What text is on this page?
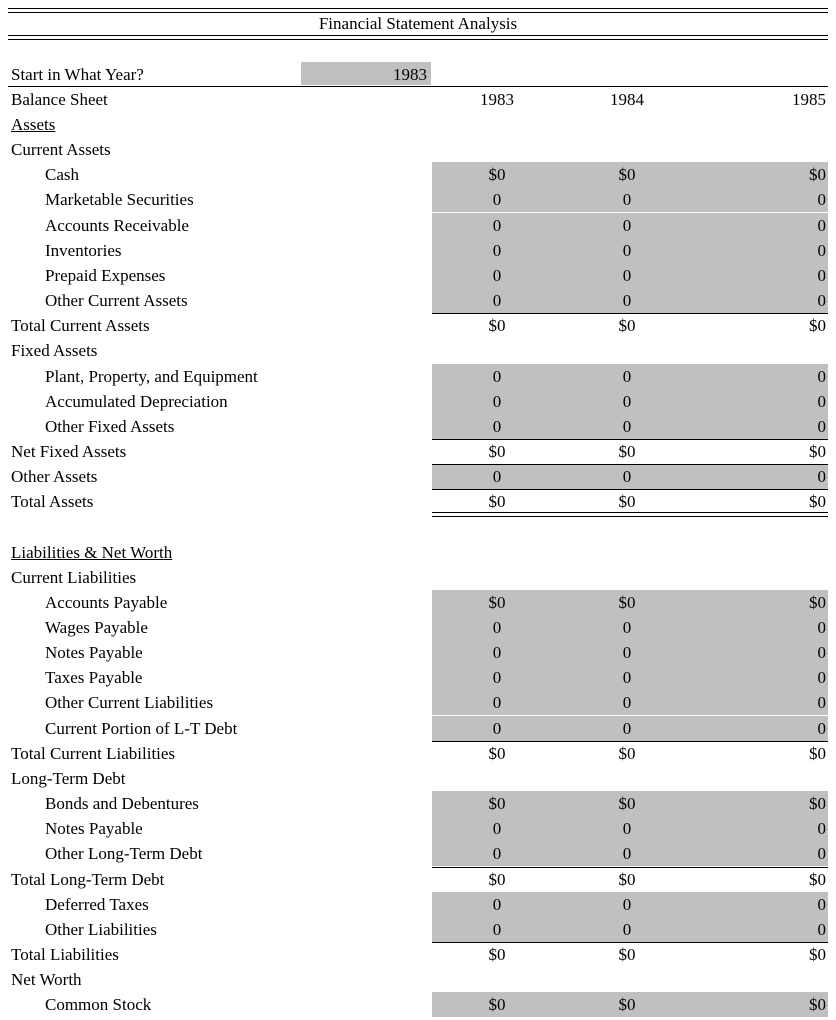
Financial Statement Analysis
Start in What Year?	1983
Balance Sheet	1983	1984	1985
Assets
Current Assets
Cash	$0	$0	$0
Marketable Securities	0	0	0
Accounts Receivable	0	0	0
Inventories	0	0	0
Prepaid Expenses	0	0	0
Other Current Assets	0	0	0
Total Current Assets	$0	$0	$0
Fixed Assets
Plant, Property, and Equipment	0	0	0
Accumulated Depreciation	0	0	0
Other Fixed Assets	0	0	0
Net Fixed Assets	$0	$0	$0
Other Assets	0	0	0
Total Assets	$0	$0	$0
Liabilities & Net Worth
Current Liabilities
Accounts Payable	$0	$0	$0
Wages Payable	0	0	0
Notes Payable	0	0	0
Taxes Payable	0	0	0
Other Current Liabilities	0	0	0
Current Portion of L-T Debt	0	0	0
Total Current Liabilities	$0	$0	$0
Long-Term Debt
Bonds and Debentures	$0	$0	$0
Notes Payable	0	0	0
Other Long-Term Debt	0	0	0
Total Long-Term Debt	$0	$0	$0
Deferred Taxes	0	0	0
Other Liabilities	0	0	0
Total Liabilities	$0	$0	$0
Net Worth
Common Stock	$0	$0	$0
